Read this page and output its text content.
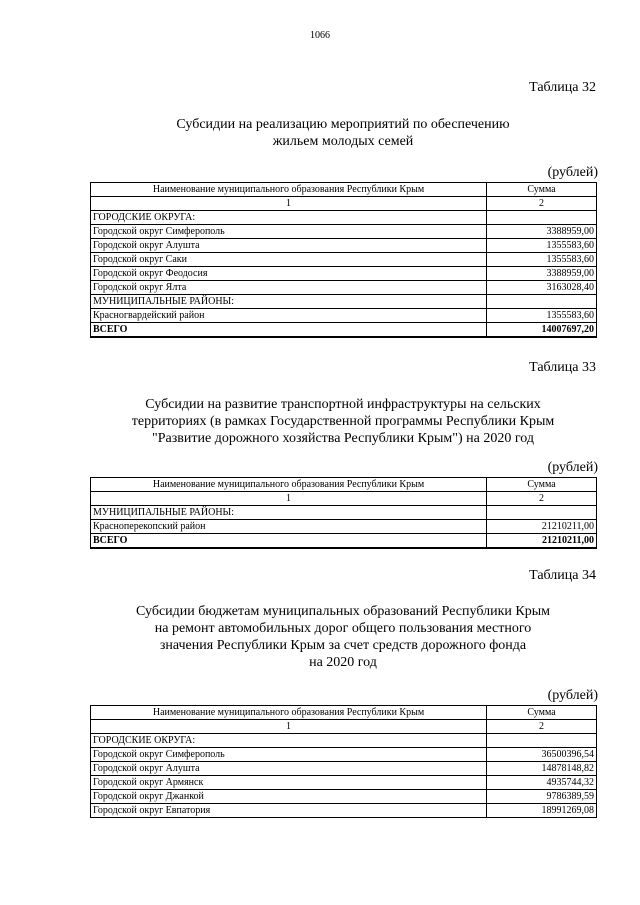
1066
Таблица 32
Субсидии на реализацию мероприятий по обеспечению
жильем молодых семей
(рублей)
Наименование муниципального образования Республики Крым	Сумма
1	2
ГОРОДСКИЕ ОКРУГА:	
Городской округ Симферополь	3388959,00
Городской округ Алушта	1355583,60
Городской округ Саки	1355583,60
Городской округ Феодосия	3388959,00
Городской округ Ялта	3163028,40
МУНИЦИПАЛЬНЫЕ РАЙОНЫ:	
Красногвардейский район	1355583,60
ВСЕГО	14007697,20
Таблица 33
Субсидии на развитие транспортной инфраструктуры на сельских
территориях (в рамках Государственной программы Республики Крым
"Развитие дорожного хозяйства Республики Крым") на 2020 год
(рублей)
Наименование муниципального образования Республики Крым	Сумма
1	2
МУНИЦИПАЛЬНЫЕ РАЙОНЫ:	
Красноперекопский район	21210211,00
ВСЕГО	21210211,00
Таблица 34
Субсидии бюджетам муниципальных образований Республики Крым
на ремонт автомобильных дорог общего пользования местного
значения Республики Крым за счет средств дорожного фонда
на 2020 год
(рублей)
Наименование муниципального образования Республики Крым	Сумма
1	2
ГОРОДСКИЕ ОКРУГА:	
Городской округ Симферополь	36500396,54
Городской округ Алушта	14878148,82
Городской округ Армянск	4935744,32
Городской округ Джанкой	9786389,59
Городской округ Евпатория	18991269,08
